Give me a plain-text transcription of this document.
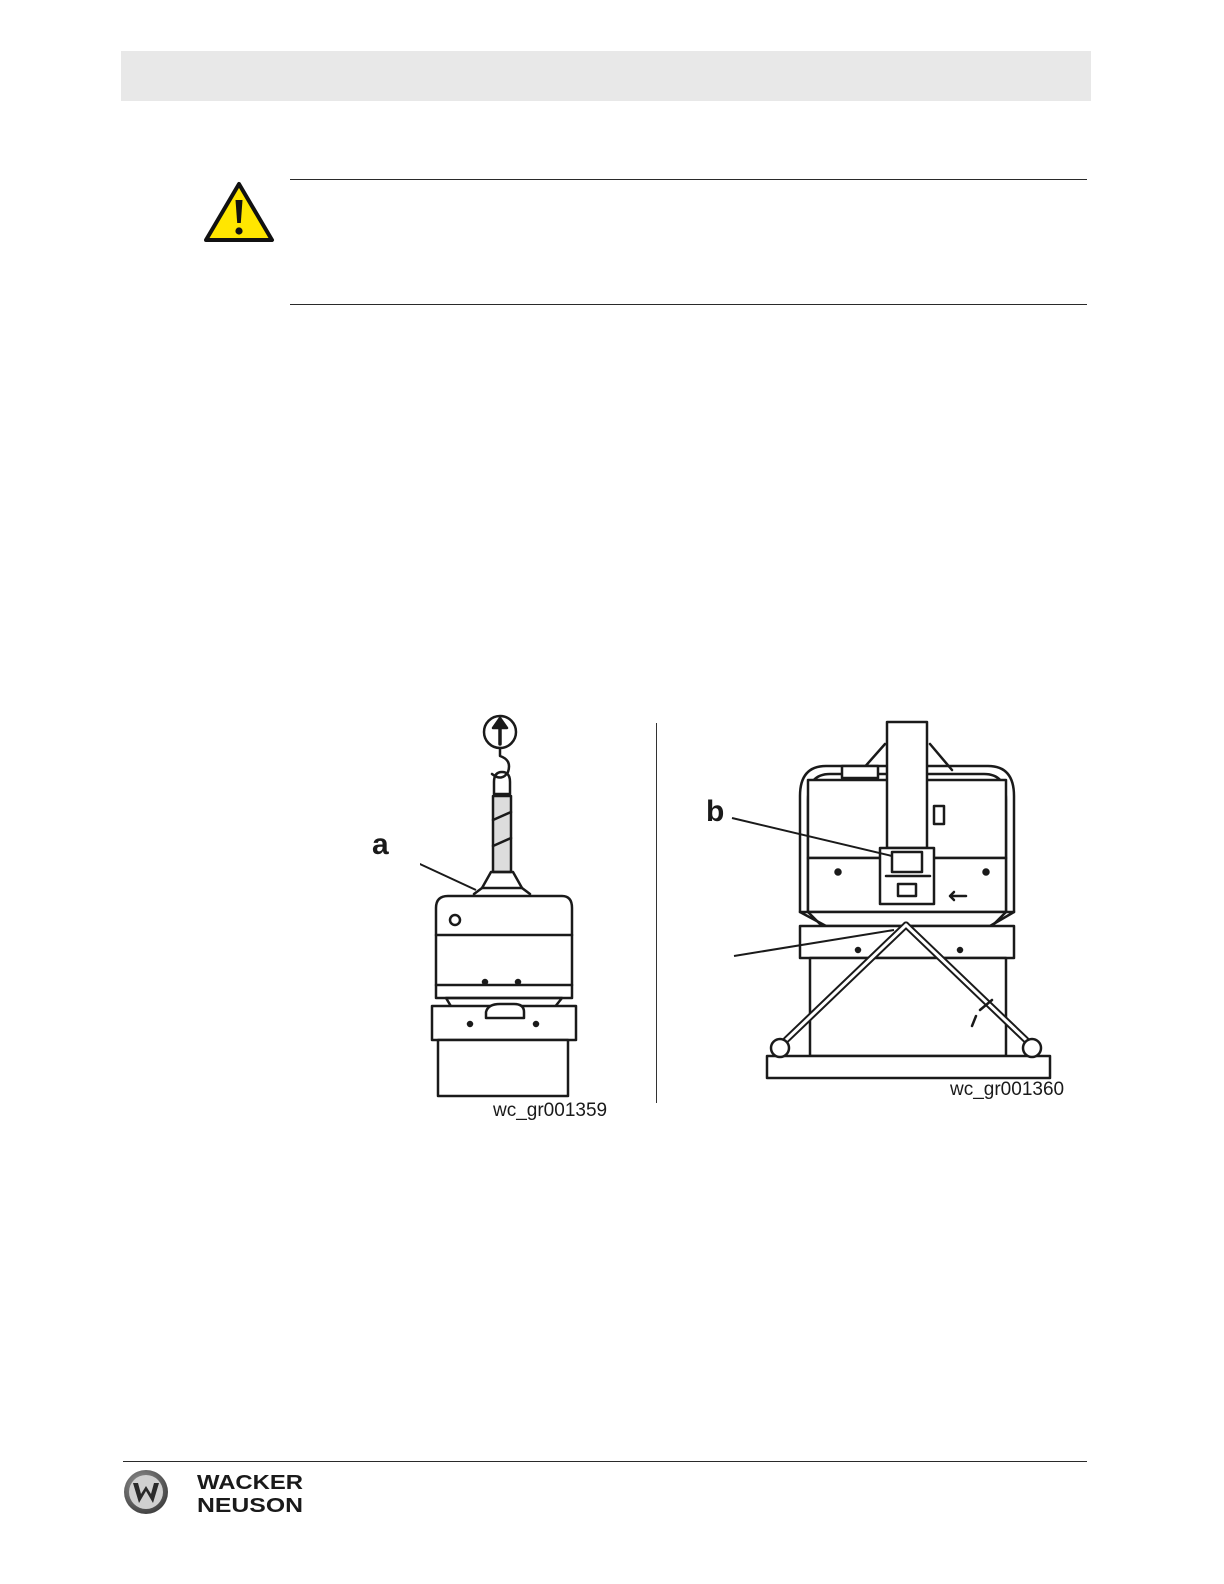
a
wc_gr001359
b
wc_gr001360
WACKER
NEUSON
